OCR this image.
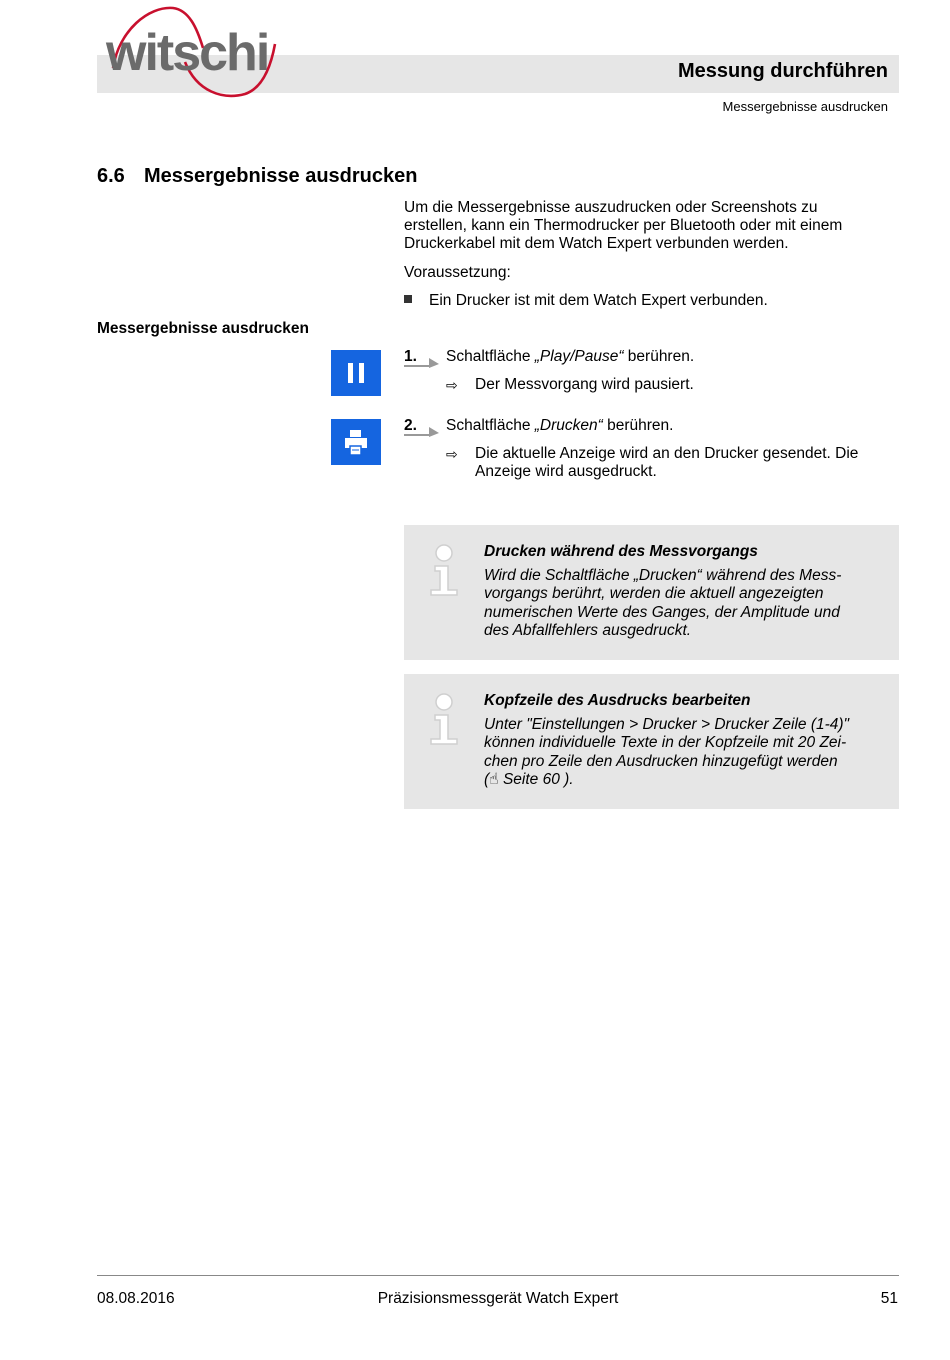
witschi	Messung durchführen
Messergebnisse ausdrucken
6.6 Messergebnisse ausdrucken
Um die Messergebnisse auszudrucken oder Screenshots zu
erstellen, kann ein Thermodrucker per Bluetooth oder mit einem
Druckerkabel mit dem Watch Expert verbunden werden.
Voraussetzung:
Ein Drucker ist mit dem Watch Expert verbunden.
Messergebnisse ausdrucken
1. Schaltfläche „Play/Pause“ berühren.
⇨ Der Messvorgang wird pausiert.
2. Schaltfläche „Drucken“ berühren.
⇨ Die aktuelle Anzeige wird an den Drucker gesendet. Die
Anzeige wird ausgedruckt.
Drucken während des Messvorgangs
Wird die Schaltfläche „Drucken“ während des Mess-
vorgangs berührt, werden die aktuell angezeigten
numerischen Werte des Ganges, der Amplitude und
des Abfallfehlers ausgedruckt.
Kopfzeile des Ausdrucks bearbeiten
Unter "Einstellungen > Drucker > Drucker Zeile (1-4)"
können individuelle Texte in der Kopfzeile mit 20 Zei-
chen pro Zeile den Ausdrucken hinzugefügt werden
(☝ Seite 60 ).
08.08.2016	Präzisionsmessgerät Watch Expert	51
